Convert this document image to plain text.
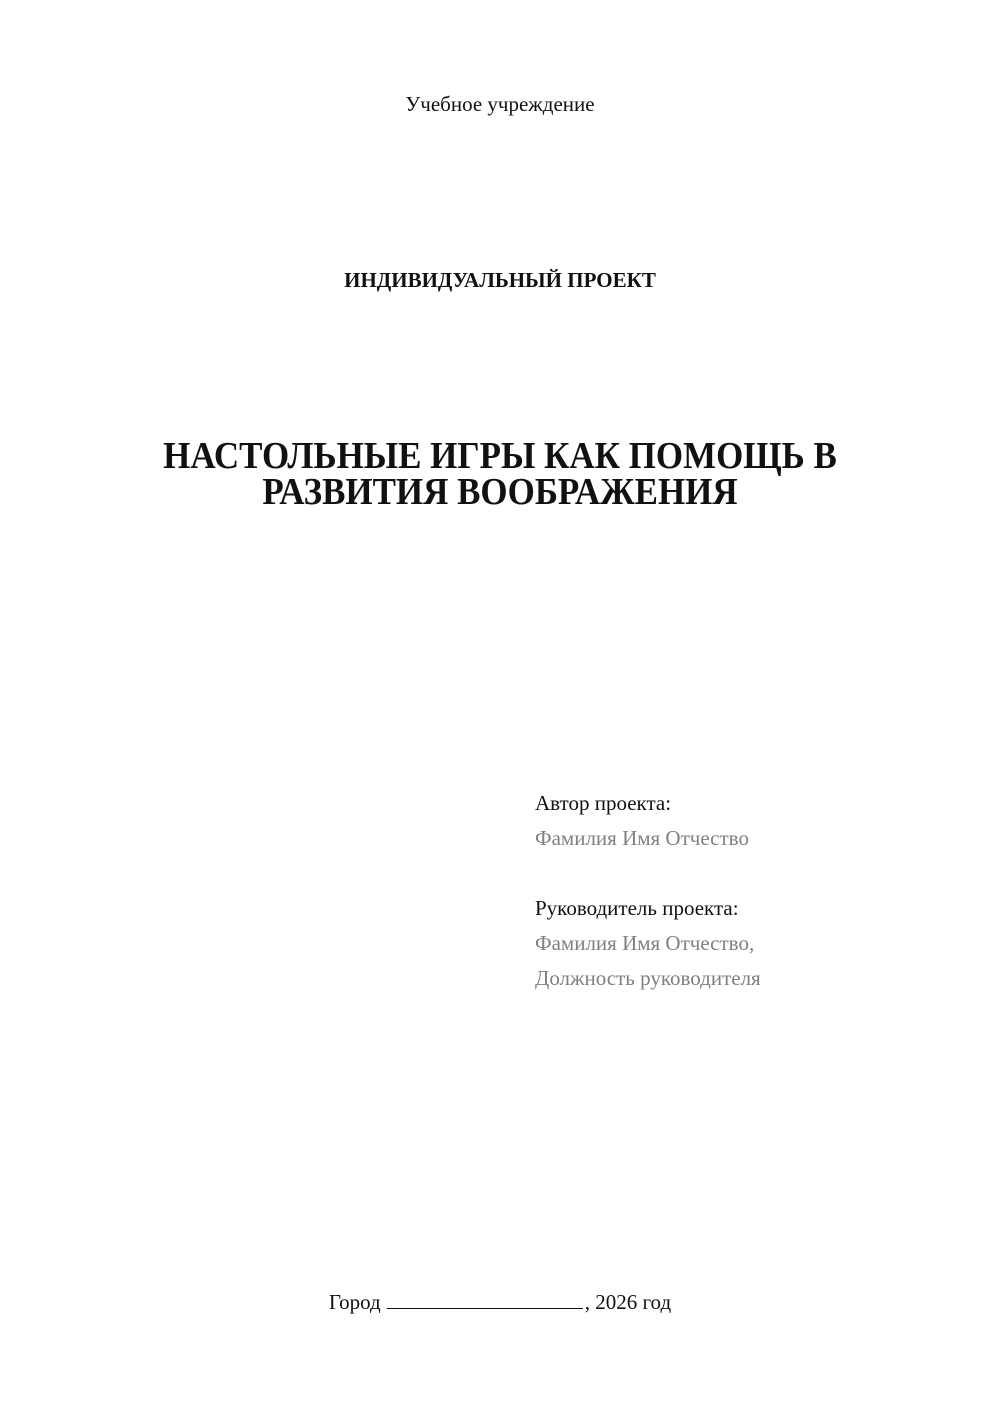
Учебное учреждение
ИНДИВИДУАЛЬНЫЙ ПРОЕКТ
НАСТОЛЬНЫЕ ИГРЫ КАК ПОМОЩЬ В
РАЗВИТИЯ ВООБРАЖЕНИЯ
Автор проекта:
Фамилия Имя Отчество
Руководитель проекта:
Фамилия Имя Отчество,
Должность руководителя
Город	, 2026 год
